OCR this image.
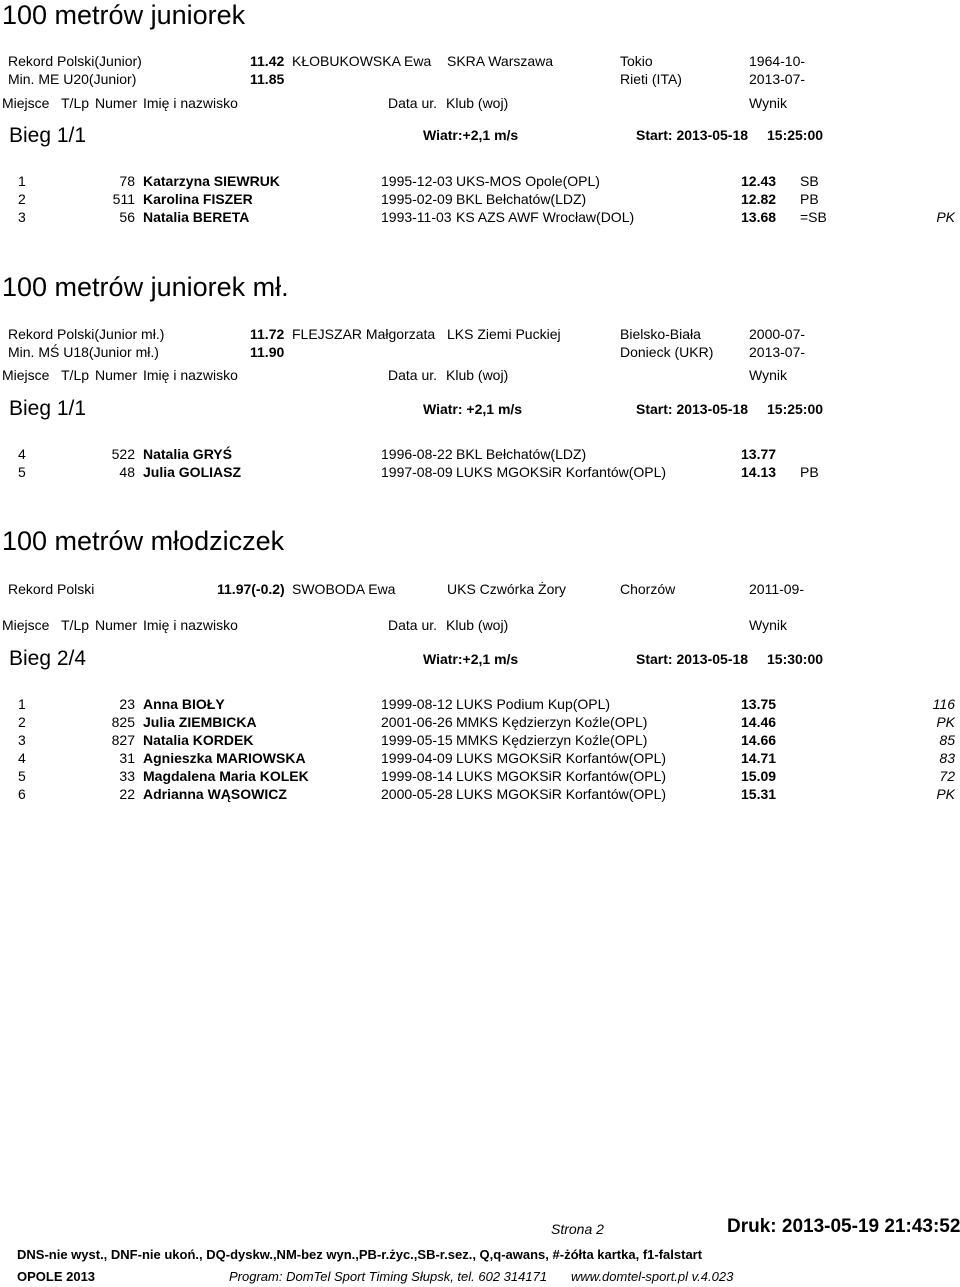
100 metrów juniorek
Rekord Polski(Junior)	11.42 KŁOBUKOWSKA Ewa SKRA Warszawa	Tokio	1964-10-
Min. ME U20(Junior)	11.85	Rieti (ITA)	2013-07-
Miejsce T/Lp Numer Imię i nazwisko	Data ur. Klub (woj)	Wynik
Bieg 1/1	Wiatr:+2,1 m/s	Start: 2013-05-18 15:25:00
1	78 Katarzyna SIEWRUK	1995-12-03 UKS-MOS Opole(OPL)	12.43 SB
2	511 Karolina FISZER	1995-02-09 BKL Bełchatów(LDZ)	12.82 PB
3	56 Natalia BERETA	1993-11-03 KS AZS AWF Wrocław(DOL)	13.68 =SB	PK
100 metrów juniorek mł.
Rekord Polski(Junior mł.)	11.72 FLEJSZAR Małgorzata LKS Ziemi Puckiej	Bielsko-Biała	2000-07-
Min. MŚ U18(Junior mł.)	11.90	Donieck (UKR)	2013-07-
Miejsce T/Lp Numer Imię i nazwisko	Data ur. Klub (woj)	Wynik
Bieg 1/1	Wiatr: +2,1 m/s	Start: 2013-05-18 15:25:00
4	522 Natalia GRYŚ	1996-08-22 BKL Bełchatów(LDZ)	13.77
5	48 Julia GOLIASZ	1997-08-09 LUKS MGOKSiR Korfantów(OPL)	14.13 PB
100 metrów młodziczek
Rekord Polski	11.97(-0.2) SWOBODA Ewa	UKS Czwórka Żory	Chorzów	2011-09-
Miejsce T/Lp Numer Imię i nazwisko	Data ur. Klub (woj)	Wynik
Bieg 2/4	Wiatr:+2,1 m/s	Start: 2013-05-18 15:30:00
1	23 Anna BIOŁY	1999-08-12 LUKS Podium Kup(OPL)	13.75	116
2	825 Julia ZIEMBICKA	2001-06-26 MMKS Kędzierzyn Koźle(OPL)	14.46	PK
3	827 Natalia KORDEK	1999-05-15 MMKS Kędzierzyn Koźle(OPL)	14.66	85
4	31 Agnieszka MARIOWSKA	1999-04-09 LUKS MGOKSiR Korfantów(OPL)	14.71	83
5	33 Magdalena Maria KOLEK	1999-08-14 LUKS MGOKSiR Korfantów(OPL)	15.09	72
6	22 Adrianna WĄSOWICZ	2000-05-28 LUKS MGOKSiR Korfantów(OPL)	15.31	PK
Strona 2	Druk: 2013-05-19 21:43:52
DNS-nie wyst., DNF-nie ukoń., DQ-dyskw.,NM-bez wyn.,PB-r.życ.,SB-r.sez., Q,q-awans, #-żółta kartka, f1-falstart
OPOLE 2013	Program: DomTel Sport Timing Słupsk, tel. 602 314171 www.domtel-sport.pl v.4.023
